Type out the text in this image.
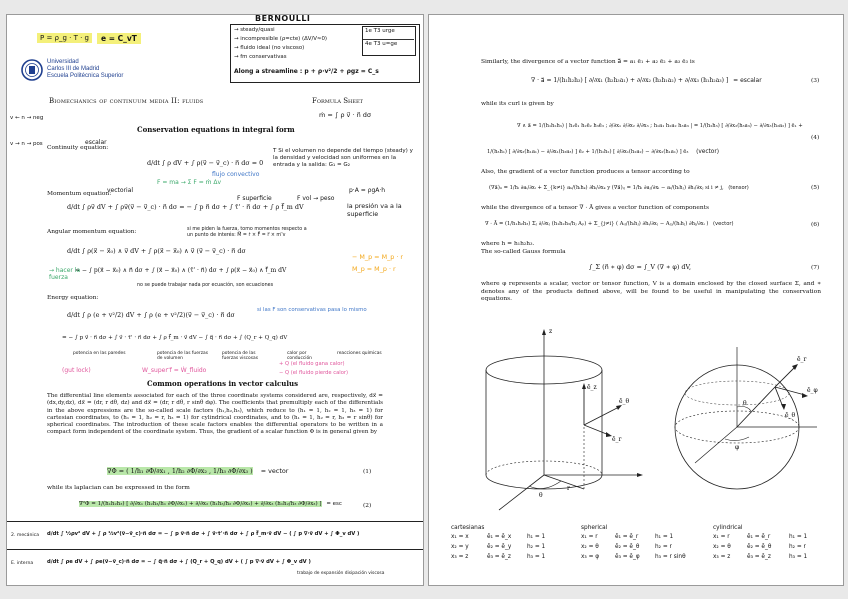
P = ρ_g · T · g	e = C_vT
BERNOULLI
→ steady/quasi
→ incompresible (ρ=cte) (ΔV/V≈0)
→ fluido ideal (no viscoso)
→ fm conservativas
Along a streamline : p + ρ·v²/2 + ρgz = C_s
1e T3 urge
4e T3 u=ge
Universidad
Carlos III de Madrid
Escuela Politécnica Superior
Biomechanics of continuum media II: fluids	Formula Sheet
ṁ = ∫ ρ v⃗ · n⃗ dσ
v ← n → neg
v → n → pos
Conservation equations in integral form
escalar
Continuity equation:
d/dt ∫ ρ dV + ∫ ρ(v⃗ − v⃗_c) · n⃗ dσ = 0
flujo convectivo
T Si el volumen no depende del tiempo (steady) y la densidad y velocidad son uniformes en la entrada y la salida: G₁ = G₂
Momentum equation:
vectorial
F = ma → Σ F = ṁ Δv
d/dt ∫ ρv⃗ dV + ∫ ρv⃗(v⃗ − v⃗_c) · n⃗ dσ = − ∫ p n⃗ dσ + ∫ τ̄' · n⃗ dσ + ∫ ρ f⃗_m dV
F superficie	F vol → peso
la presión va a la superficie
p·A = ρgA·h
Angular momentum equation:	si me piden la fuerza, tomo momentos respecto a un punto de interés: M⃗ = ṙ × F⃗ = r⃗ × m ⃗v
d/dt ∫ ρ(x⃗ − x⃗₀) ∧ v⃗ dV + ∫ ρ(x⃗ − x⃗₀) ∧ v⃗ (v⃗ − v⃗_c) · n⃗ dσ
= − ∫ p(x⃗ − x⃗₀) ∧ n⃗ dσ + ∫ (x⃗ − x⃗₀) ∧ (τ̄' · n⃗) dσ + ∫ ρ(x⃗ − x⃗₀) ∧ f⃗_m dV
→ hacer la fuerza
− M_p = M_p · r
M_p = M_p · r
no se puede trabajar nada por ecuación, son ecuaciones
Energy equation:
d/dt ∫ ρ (e + v²/2) dV + ∫ ρ (e + v²/2)(v⃗ − v⃗_c) · n⃗ dσ
si las F son conservativas pasa lo mismo
= − ∫ p v⃗ · n⃗ dσ + ∫ v⃗ · τ̄' · n⃗ dσ + ∫ ρ f⃗_m · v⃗ dV − ∫ q⃗ · n⃗ dσ + ∫ (Q_r + Q_q) dV
potencia en las paredes	potencia de las fuerzas de volumen
potencia de las fuerzas viscosas
calor por conducción
reacciones químicas
(gut lock)	W_super ⃗f = Ẇ_fluido
+ Q (el fluido gana calor)
− Q (el fluido pierde calor)
Common operations in vector calculus
The differential line elements associated for each of the three coordinate systems considered are, respectively, dx⃗ = (dx,dy,dz), dx⃗ = (dr, r dθ, dz) and dx⃗ = (dr, r dθ, r sinθ dφ). The coefficients that premultiply each of the differentials in the above expressions are the so-called scale factors (h₁,h₂,h₃), which reduce to (h₁ = 1, h₂ = 1, h₃ = 1) for cartesian coordinates, to (h₁ = 1, h₂ = r, h₃ = 1) for cylindrical coordinates, and to (h₁ = 1, h₂ = r, h₃ = r sinθ) for spherical coordinates. The introduction of these scale factors enables the differential operators to be written in a compact form independent of the coordinate system. Thus, the gradient of a scalar function Φ is in general given by
∇Φ = ( 1/h₁ ∂Φ/∂x₁ , 1/h₂ ∂Φ/∂x₂ , 1/h₃ ∂Φ/∂x₃ ) = vector	(1)
while its laplacian can be expressed in the form
∇²Φ = 1/(h₁h₂h₃) [ ∂/∂x₁ (h₂h₃/h₁ ∂Φ/∂x₁) + ∂/∂x₂ (h₁h₃/h₂ ∂Φ/∂x₂) + ∂/∂x₃ (h₁h₂/h₃ ∂Φ/∂x₃) ] = esc	(2)
2. mecánica	d/dt ∫ ½ρv² dV + ∫ ρ ½v²(v⃗−v⃗_c)·n⃗ dσ = − ∫ p v⃗·n⃗ dσ + ∫ v⃗·τ̄'·n⃗ dσ + ∫ ρ f⃗_m·v⃗ dV − ( ∫ p ∇·v⃗ dV + ∫ Φ_v dV )
E. interna	d/dt ∫ ρe dV + ∫ ρe(v⃗−v⃗_c)·n⃗ dσ = − ∫ q⃗·n⃗ dσ + ∫ (Q_r + Q_q) dV + ( ∫ p ∇·v⃗ dV + ∫ Φ_v dV )
trabajo de expansión disipación viscosa
Similarly, the divergence of a vector function a⃗ = a₁ ē₁ + a₂ ē₂ + a₃ ē₃ is
∇ · a⃗ = 1/(h₁h₂h₃) [ ∂/∂x₁ (h₂h₃a₁) + ∂/∂x₂ (h₃h₁a₂) + ∂/∂x₃ (h₁h₂a₃) ] = escalar	(3)
while its curl is given by
∇ ∧ a⃗ = 1/(h₁h₂h₃) | h₁ē₁ h₂ē₂ h₃ē₃ ; ∂/∂x₁ ∂/∂x₂ ∂/∂x₃ ; h₁a₁ h₂a₂ h₃a₃ | = 1/(h₂h₃) [ ∂/∂x₂(h₃a₃) − ∂/∂x₃(h₂a₂) ] ē₁ +
1/(h₃h₁) [ ∂/∂x₃(h₁a₁) − ∂/∂x₁(h₃a₃) ] ē₂ + 1/(h₁h₂) [ ∂/∂x₁(h₂a₂) − ∂/∂x₂(h₁a₁) ] ē₃ (vector)
(4)
Also, the gradient of a vector function produces a tensor according to
(∇a⃗)ᵢᵢ = 1/hᵢ ∂aᵢ/∂xᵢ + Σ_{k≠i} aₖ/(hᵢhₖ) ∂hᵢ/∂xₖ y (∇a⃗)ᵢⱼ = 1/hᵢ ∂aⱼ/∂xᵢ − aᵢ/(hᵢhⱼ) ∂hᵢ/∂xⱼ si i ≠ j, (tensor)	(5)
while the divergence of a tensor ∇ · Ā gives a vector function of components
∇ · Ā = (1/h₁h₂h₃) Σⱼ ∂/∂xⱼ (h₁h₂h₃/hⱼ Aⱼᵢ) + Σ_{j≠i} ( Aᵢⱼ/(hᵢhⱼ) ∂hᵢ/∂xⱼ − Aⱼⱼ/(hᵢhⱼ) ∂hⱼ/∂xᵢ ) (vector)	(6)
where h = h₁h₂h₃.
The so-called Gauss formula
∫_Σ (n⃗ ∗ φ) dσ = ∫_V (∇ ∗ φ) dV,	(7)
where φ represents a scalar, vector or tensor function, V is a domain enclosed by the closed surface Σ, and ∗ denotes any of the products defined above, will be found to be useful in manipulating the conservation equations.
z
ē_z
ē_θ
ē_r
r
θ
ē_r
ē_φ
ē_θ
θ
φ
cartesianas
x₁ = x	ē₁ = ē_x	h₁ = 1
x₂ = y	ē₂ = ē_y	h₂ = 1
x₃ = z	ē₃ = ē_z	h₃ = 1
spherical
x₁ = r	ē₁ = ē_r	h₁ = 1
x₂ = θ	ē₂ = ē_θ	h₂ = r
x₃ = φ	ē₃ = ē_φ	h₃ = r sinθ
cylindrical
x₁ = r	ē₁ = ē_r	h₁ = 1
x₂ = θ	ē₂ = ē_θ	h₂ = r
x₃ = z	ē₃ = ē_z	h₃ = 1
